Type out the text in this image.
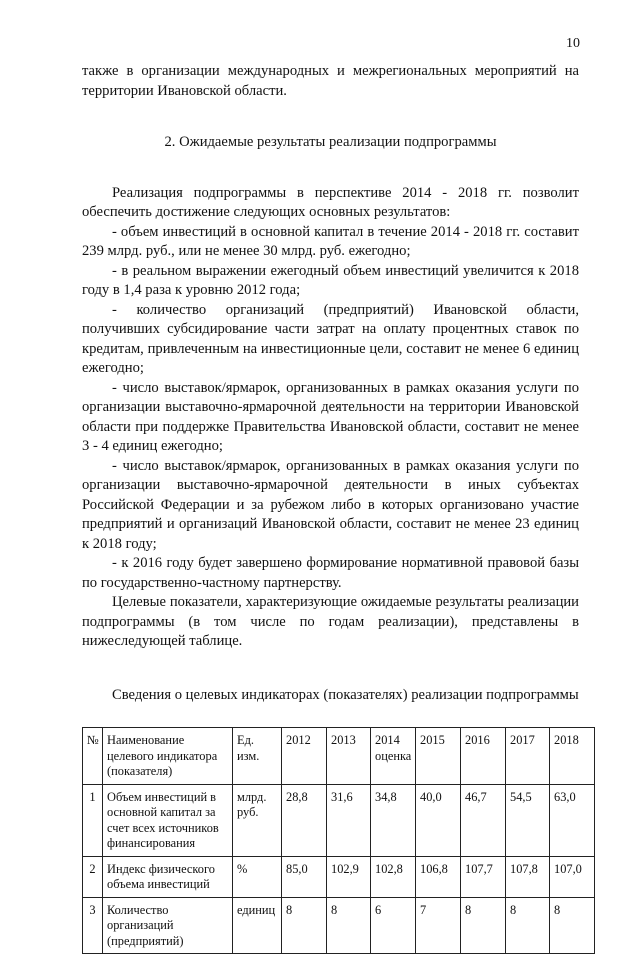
10

также в организации международных и межрегиональных мероприятий на территории Ивановской области.

2. Ожидаемые результаты реализации подпрограммы

Реализация подпрограммы в перспективе 2014 - 2018 гг. позволит обеспечить достижение следующих основных результатов:

- объем инвестиций в основной капитал в течение 2014 - 2018 гг. составит 239 млрд. руб., или не менее 30 млрд. руб. ежегодно;

- в реальном выражении ежегодный объем инвестиций увеличится к 2018 году в 1,4 раза к уровню 2012 года;

- количество организаций (предприятий) Ивановской области, получивших субсидирование части затрат на оплату процентных ставок по кредитам, привлеченным на инвестиционные цели, составит не менее 6 единиц ежегодно;

- число выставок/ярмарок, организованных в рамках оказания услуги по организации выставочно-ярмарочной деятельности на территории Ивановской области при поддержке Правительства Ивановской области, составит не менее 3 - 4 единиц ежегодно;

- число выставок/ярмарок, организованных в рамках оказания услуги по организации выставочно-ярмарочной деятельности в иных субъектах Российской Федерации и за рубежом либо в которых организовано участие предприятий и организаций Ивановской области, составит не менее 23 единиц к 2018 году;

- к 2016 году будет завершено формирование нормативной правовой базы по государственно-частному партнерству.

Целевые показатели, характеризующие ожидаемые результаты реализации подпрограммы (в том числе по годам реализации), представлены в нижеследующей таблице.

Сведения о целевых индикаторах (показателях) реализации подпрограммы

№	Наименование целевого индикатора (показателя)	Ед. изм.	2012	2013	2014 оценка	2015	2016	2017	2018
1	Объем инвестиций в основной капитал за счет всех источников финансирования	млрд. руб.	28,8	31,6	34,8	40,0	46,7	54,5	63,0
2	Индекс физического объема инвестиций	%	85,0	102,9	102,8	106,8	107,7	107,8	107,0
3	Количество организаций (предприятий)	единиц	8	8	6	7	8	8	8
